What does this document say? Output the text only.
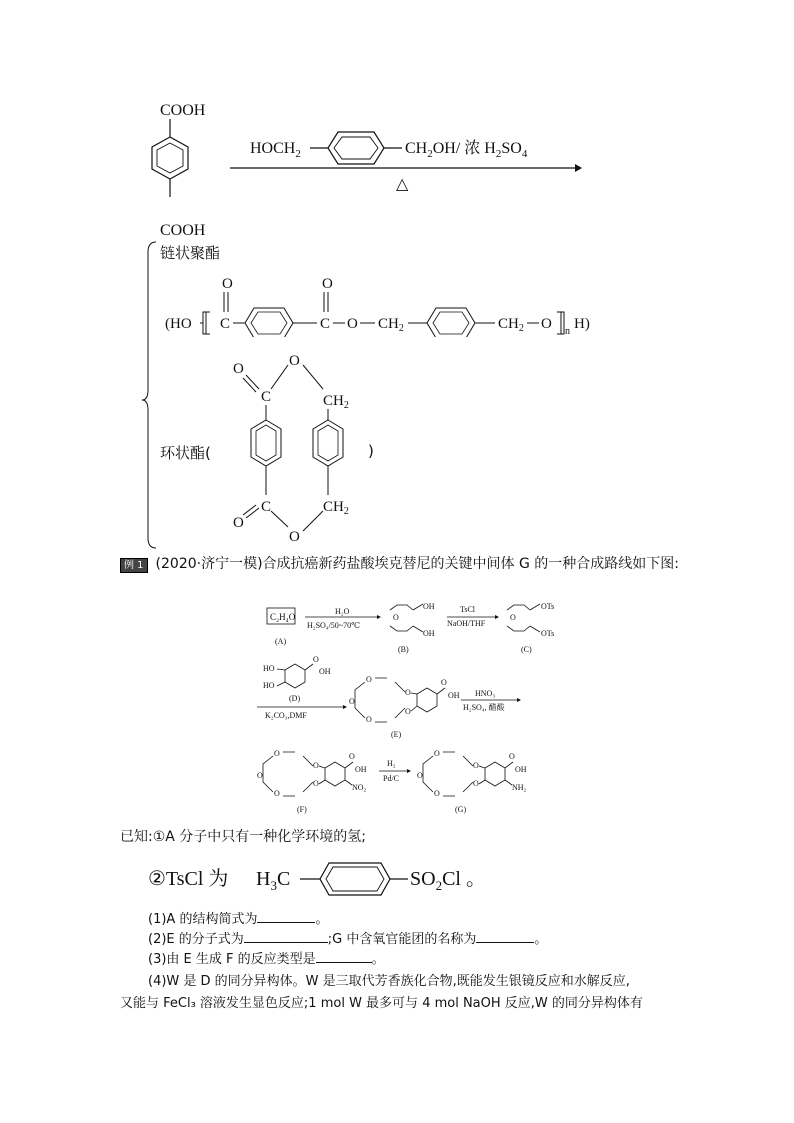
COOH
COOH
$HOCH_2$	$CH_2OH/$ 浓 $H_2SO_4$
△
链状聚酯
(HO
O
C
O
C O $CH_2$	$CH_2$ O n H)
环状酯(	)
O
O
C	$CH_2$
C	$CH_2$
O
O
例 1 (2020·济宁一模)合成抗癌新药盐酸埃克替尼的关键中间体 G 的一种合成路线如下图:
C₂H₄O
(A)
H₂O
H₂SO₄/50~70℃
O
OH
OH
(B)
TsCl
NaOH/THF
O
OTs
OTs
(C)
HO
HO
O
OH
(D)
K₂CO₃,DMF
O
O
O
O
O
O
OH
(E)
HNO₃
H₂SO₄, 醋酸
O
O
O
O
O
O
OH
NO₂
(F)
H₂
Pd/C
O
O
O
O
O
O
OH
NH₂
(G)
已知:①A 分子中只有一种化学环境的氢;
②TsCl 为 $H_3C$	$SO_2Cl$ 。
(1)A 的结构简式为	。
(2)E 的分子式为	;G 中含氧官能团的名称为	。
(3)由 E 生成 F 的反应类型是	。
(4)W 是 D 的同分异构体。W 是三取代芳香族化合物,既能发生银镜反应和水解反应,
又能与 FeCl₃ 溶液发生显色反应;1 mol W 最多可与 4 mol NaOH 反应,W 的同分异构体有
